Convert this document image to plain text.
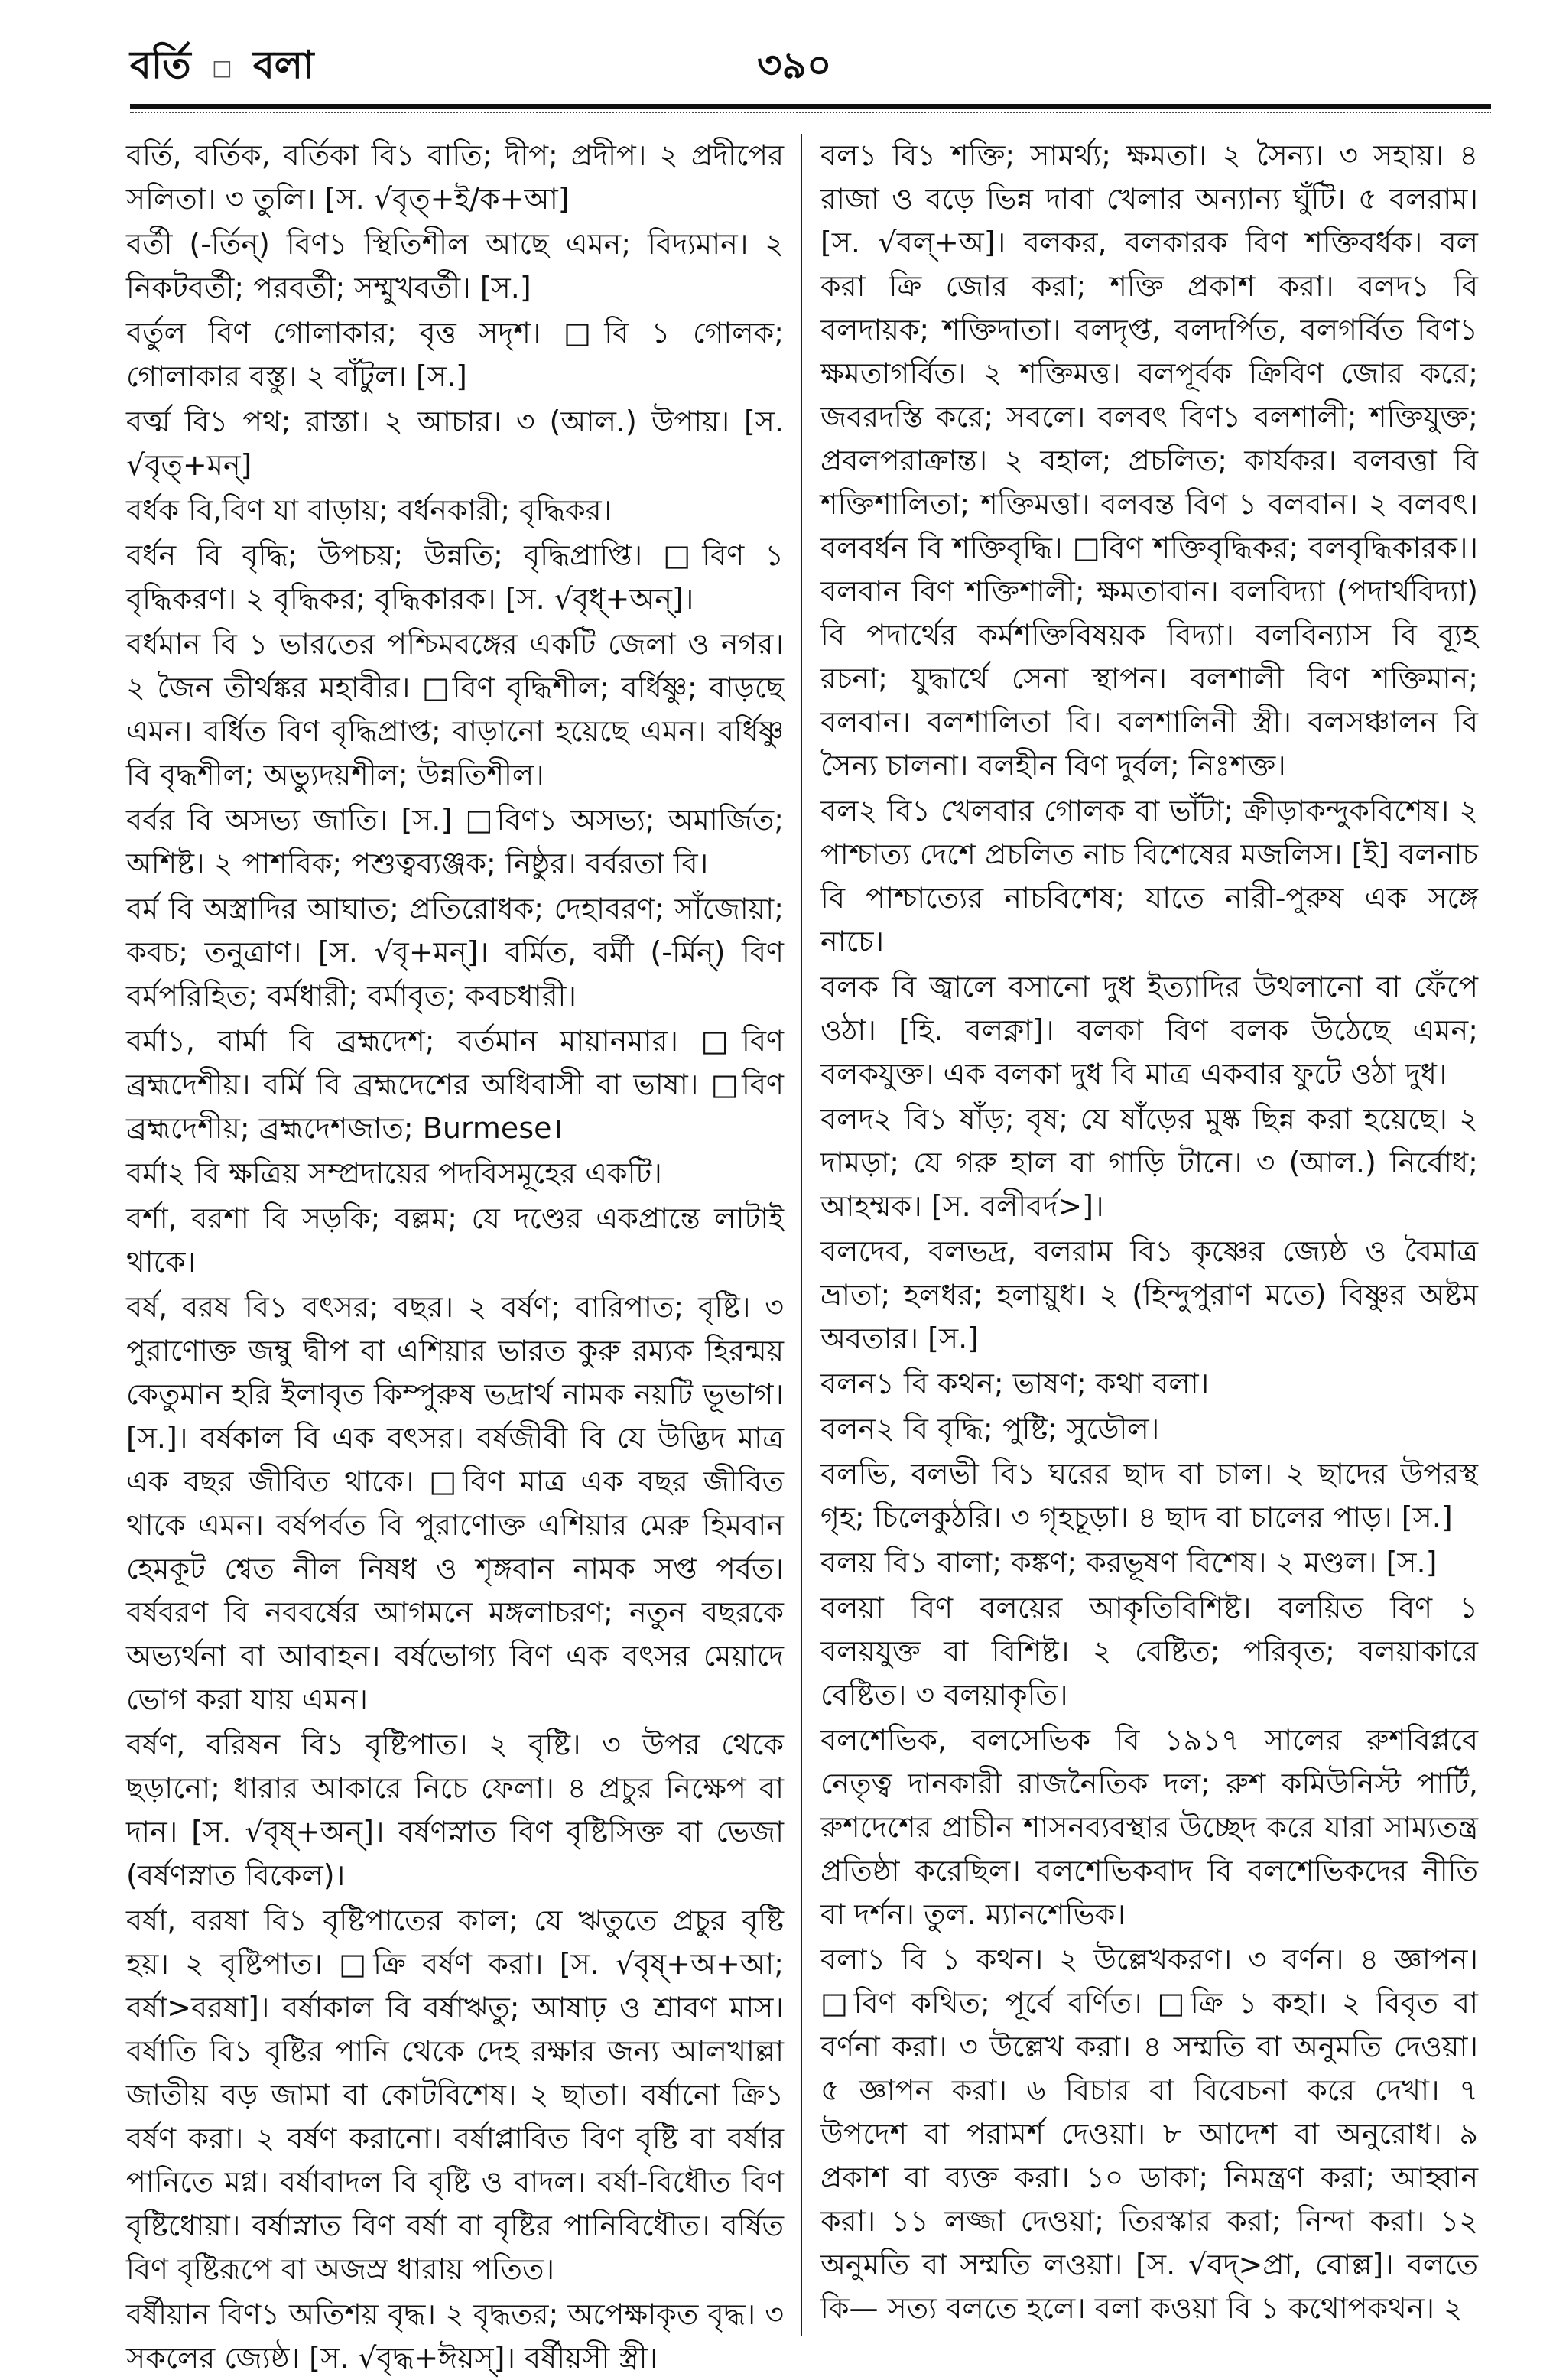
বর্তি □ বলা	৩৯০

বর্তি, বর্তিক, বর্তিকা বি১ বাতি; দীপ; প্রদীপ। ২ প্রদীপের সলিতা। ৩ তুলি। [স. √বৃত্+ই/ক+আ]

বর্তী (-র্তিন্) বিণ১ স্থিতিশীল আছে এমন; বিদ্যমান। ২ নিকটবর্তী; পরবর্তী; সম্মুখবর্তী। [স.]

বর্তুল বিণ গোলাকার; বৃত্ত সদৃশ। □বি ১ গোলক; গোলাকার বস্তু। ২ বাঁটুল। [স.]

বর্ত্ম বি১ পথ; রাস্তা। ২ আচার। ৩ (আল.) উপায়। [স. √বৃত্+মন্]

বর্ধক বি,বিণ যা বাড়ায়; বর্ধনকারী; বৃদ্ধিকর।

বর্ধন বি বৃদ্ধি; উপচয়; উন্নতি; বৃদ্ধিপ্রাপ্তি। □বিণ ১ বৃদ্ধিকরণ। ২ বৃদ্ধিকর; বৃদ্ধিকারক। [স. √বৃধ্+অন্]।

বর্ধমান বি ১ ভারতের পশ্চিমবঙ্গের একটি জেলা ও নগর। ২ জৈন তীর্থঙ্কর মহাবীর। □বিণ বৃদ্ধিশীল; বর্ধিষ্ণু; বাড়ছে এমন। বর্ধিত বিণ বৃদ্ধিপ্রাপ্ত; বাড়ানো হয়েছে এমন। বর্ধিষ্ণু বি বৃদ্ধশীল; অভ্যুদয়শীল; উন্নতিশীল।

বর্বর বি অসভ্য জাতি। [স.] □বিণ১ অসভ্য; অমার্জিত; অশিষ্ট। ২ পাশবিক; পশুত্বব্যঞ্জক; নিষ্ঠুর। বর্বরতা বি।

বর্ম বি অস্ত্রাদির আঘাত; প্রতিরোধক; দেহাবরণ; সাঁজোয়া; কবচ; তনুত্রাণ। [স. √বৃ+মন্]। বর্মিত, বর্মী (-র্মিন্) বিণ বর্মপরিহিত; বর্মধারী; বর্মাবৃত; কবচধারী।

বর্মা১, বার্মা বি ব্রহ্মদেশ; বর্তমান মায়ানমার। □বিণ ব্রহ্মদেশীয়। বর্মি বি ব্রহ্মদেশের অধিবাসী বা ভাষা। □বিণ ব্রহ্মদেশীয়; ব্রহ্মদেশজাত; Burmese।

বর্মা২ বি ক্ষত্রিয় সম্প্রদায়ের পদবিসমূহের একটি।

বর্শা, বরশা বি সড়কি; বল্লম; যে দণ্ডের একপ্রান্তে লাটাই থাকে।

বর্ষ, বরষ বি১ বৎসর; বছর। ২ বর্ষণ; বারিপাত; বৃষ্টি। ৩ পুরাণোক্ত জম্বু দ্বীপ বা এশিয়ার ভারত কুরু রম্যক হিরন্ময় কেতুমান হরি ইলাবৃত কিম্পুরুষ ভদ্রার্থ নামক নয়টি ভূভাগ। [স.]। বর্ষকাল বি এক বৎসর। বর্ষজীবী বি যে উদ্ভিদ মাত্র এক বছর জীবিত থাকে। □বিণ মাত্র এক বছর জীবিত থাকে এমন। বর্ষপর্বত বি পুরাণোক্ত এশিয়ার মেরু হিমবান হেমকূট শ্বেত নীল নিষধ ও শৃঙ্গবান নামক সপ্ত পর্বত। বর্ষবরণ বি নববর্ষের আগমনে মঙ্গলাচরণ; নতুন বছরকে অভ্যর্থনা বা আবাহন। বর্ষভোগ্য বিণ এক বৎসর মেয়াদে ভোগ করা যায় এমন।

বর্ষণ, বরিষন বি১ বৃষ্টিপাত। ২ বৃষ্টি। ৩ উপর থেকে ছড়ানো; ধারার আকারে নিচে ফেলা। ৪ প্রচুর নিক্ষেপ বা দান। [স. √বৃষ্+অন্]। বর্ষণস্নাত বিণ বৃষ্টিসিক্ত বা ভেজা (বর্ষণস্নাত বিকেল)।

বর্ষা, বরষা বি১ বৃষ্টিপাতের কাল; যে ঋতুতে প্রচুর বৃষ্টি হয়। ২ বৃষ্টিপাত। □ক্রি বর্ষণ করা। [স. √বৃষ্+অ+আ; বর্ষা>বরষা]। বর্ষাকাল বি বর্ষাঋতু; আষাঢ় ও শ্রাবণ মাস। বর্ষাতি বি১ বৃষ্টির পানি থেকে দেহ রক্ষার জন্য আলখাল্লা জাতীয় বড় জামা বা কোটবিশেষ। ২ ছাতা। বর্ষানো ক্রি১ বর্ষণ করা। ২ বর্ষণ করানো। বর্ষাপ্লাবিত বিণ বৃষ্টি বা বর্ষার পানিতে মগ্ন। বর্ষাবাদল বি বৃষ্টি ও বাদল। বর্ষা-বিধৌত বিণ বৃষ্টিধোয়া। বর্ষাস্নাত বিণ বর্ষা বা বৃষ্টির পানিবিধৌত। বর্ষিত বিণ বৃষ্টিরূপে বা অজস্র ধারায় পতিত।

বর্ষীয়ান বিণ১ অতিশয় বৃদ্ধ। ২ বৃদ্ধতর; অপেক্ষাকৃত বৃদ্ধ। ৩ সকলের জ্যেষ্ঠ। [স. √বৃদ্ধ+ঈয়স্]। বর্ষীয়সী স্ত্রী।

বল১ বি১ শক্তি; সামর্থ্য; ক্ষমতা। ২ সৈন্য। ৩ সহায়। ৪ রাজা ও বড়ে ভিন্ন দাবা খেলার অন্যান্য ঘুঁটি। ৫ বলরাম। [স. √বল্+অ]। বলকর, বলকারক বিণ শক্তিবর্ধক। বল করা ক্রি জোর করা; শক্তি প্রকাশ করা। বলদ১ বি বলদায়ক; শক্তিদাতা। বলদৃপ্ত, বলদর্পিত, বলগর্বিত বিণ১ ক্ষমতাগর্বিত। ২ শক্তিমত্ত। বলপূর্বক ক্রিবিণ জোর করে; জবরদস্তি করে; সবলে। বলবৎ বিণ১ বলশালী; শক্তিযুক্ত; প্রবলপরাক্রান্ত। ২ বহাল; প্রচলিত; কার্যকর। বলবত্তা বি শক্তিশালিতা; শক্তিমত্তা। বলবন্ত বিণ ১ বলবান। ২ বলবৎ। বলবর্ধন বি শক্তিবৃদ্ধি। □বিণ শক্তিবৃদ্ধিকর; বলবৃদ্ধিকারক।। বলবান বিণ শক্তিশালী; ক্ষমতাবান। বলবিদ্যা (পদার্থবিদ্যা) বি পদার্থের কর্মশক্তিবিষয়ক বিদ্যা। বলবিন্যাস বি ব্যূহ রচনা; যুদ্ধার্থে সেনা স্থাপন। বলশালী বিণ শক্তিমান; বলবান। বলশালিতা বি। বলশালিনী স্ত্রী। বলসঞ্চালন বি সৈন্য চালনা। বলহীন বিণ দুর্বল; নিঃশক্ত।

বল২ বি১ খেলবার গোলক বা ভাঁটা; ক্রীড়াকন্দুকবিশেষ। ২ পাশ্চাত্য দেশে প্রচলিত নাচ বিশেষের মজলিস। [ই] বলনাচ বি পাশ্চাত্যের নাচবিশেষ; যাতে নারী-পুরুষ এক সঙ্গে নাচে।

বলক বি জ্বালে বসানো দুধ ইত্যাদির উথলানো বা ফেঁপে ওঠা। [হি. বলক্না]। বলকা বিণ বলক উঠেছে এমন; বলকযুক্ত। এক বলকা দুধ বি মাত্র একবার ফুটে ওঠা দুধ।

বলদ২ বি১ ষাঁড়; বৃষ; যে ষাঁড়ের মুষ্ক ছিন্ন করা হয়েছে। ২ দামড়া; যে গরু হাল বা গাড়ি টানে। ৩ (আল.) নির্বোধ; আহম্মক। [স. বলীবর্দ>]।

বলদেব, বলভদ্র, বলরাম বি১ কৃষ্ণের জ্যেষ্ঠ ও বৈমাত্র ভ্রাতা; হলধর; হলায়ুধ। ২ (হিন্দুপুরাণ মতে) বিষ্ণুর অষ্টম অবতার। [স.]

বলন১ বি কথন; ভাষণ; কথা বলা।

বলন২ বি বৃদ্ধি; পুষ্টি; সুডৌল।

বলভি, বলভী বি১ ঘরের ছাদ বা চাল। ২ ছাদের উপরস্থ গৃহ; চিলেকুঠরি। ৩ গৃহচূড়া। ৪ ছাদ বা চালের পাড়। [স.]

বলয় বি১ বালা; কঙ্কণ; করভূষণ বিশেষ। ২ মণ্ডল। [স.]

বলয়া বিণ বলয়ের আকৃতিবিশিষ্ট। বলয়িত বিণ ১ বলয়যুক্ত বা বিশিষ্ট। ২ বেষ্টিত; পরিবৃত; বলয়াকারে বেষ্টিত। ৩ বলয়াকৃতি।

বলশেভিক, বলসেভিক বি ১৯১৭ সালের রুশবিপ্লবে নেতৃত্ব দানকারী রাজনৈতিক দল; রুশ কমিউনিস্ট পার্টি, রুশদেশের প্রাচীন শাসনব্যবস্থার উচ্ছেদ করে যারা সাম্যতন্ত্র প্রতিষ্ঠা করেছিল। বলশেভিকবাদ বি বলশেভিকদের নীতি বা দর্শন। তুল. ম্যানশেভিক।

বলা১ বি ১ কথন। ২ উল্লেখকরণ। ৩ বর্ণন। ৪ জ্ঞাপন। □বিণ কথিত; পূর্বে বর্ণিত। □ক্রি ১ কহা। ২ বিবৃত বা বর্ণনা করা। ৩ উল্লেখ করা। ৪ সম্মতি বা অনুমতি দেওয়া। ৫ জ্ঞাপন করা। ৬ বিচার বা বিবেচনা করে দেখা। ৭ উপদেশ বা পরামর্শ দেওয়া। ৮ আদেশ বা অনুরোধ। ৯ প্রকাশ বা ব্যক্ত করা। ১০ ডাকা; নিমন্ত্রণ করা; আহ্বান করা। ১১ লজ্জা দেওয়া; তিরস্কার করা; নিন্দা করা। ১২ অনুমতি বা সম্মতি লওয়া। [স. √বদ্>প্রা, বোল্ল]। বলতে কি— সত্য বলতে হলে। বলা কওয়া বি ১ কথোপকথন। ২
